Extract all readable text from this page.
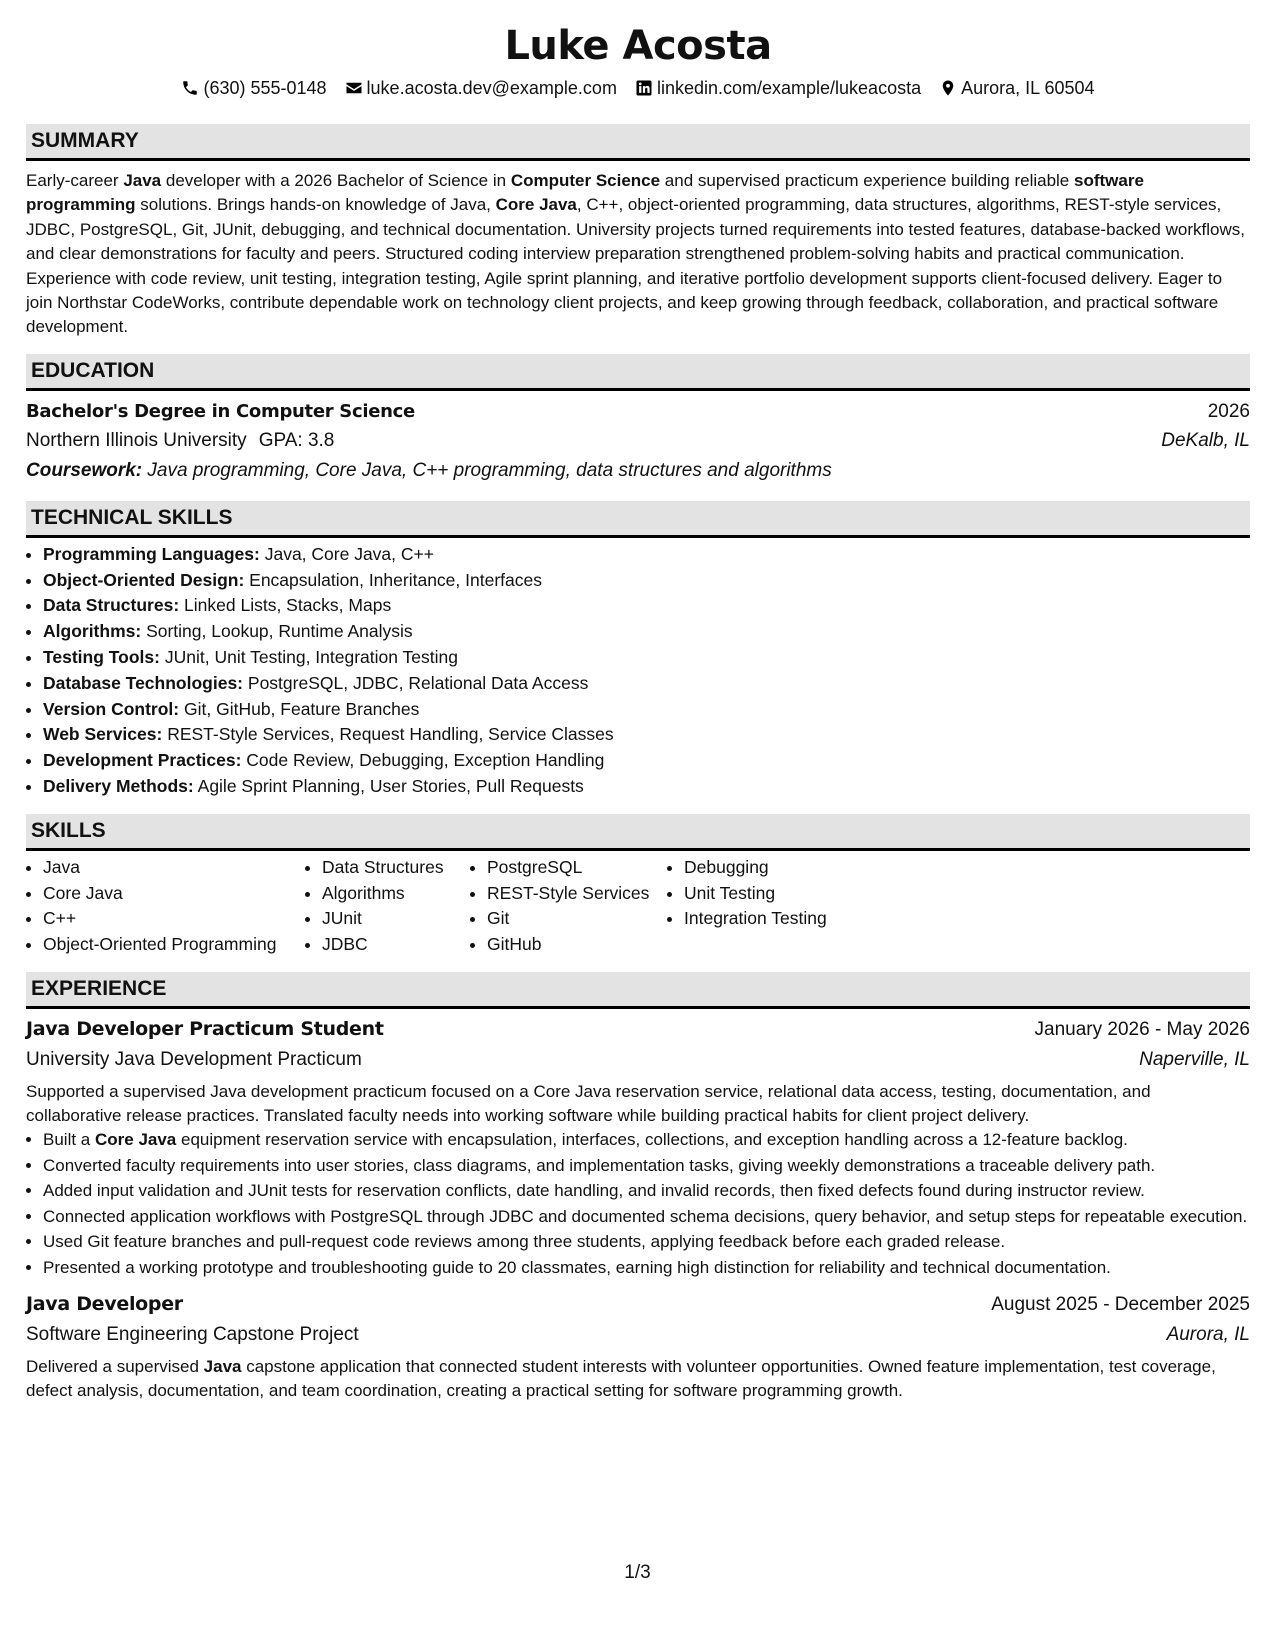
Luke Acosta
(630) 555-0148 luke.acosta.dev@example.com linkedin.com/example/lukeacosta Aurora, IL 60504
SUMMARY

Early-career Java developer with a 2026 Bachelor of Science in Computer Science and supervised practicum experience building reliable software programming solutions. Brings hands-on knowledge of Java, Core Java, C++, object-oriented programming, data structures, algorithms, REST-style services, JDBC, PostgreSQL, Git, JUnit, debugging, and technical documentation. University projects turned requirements into tested features, database-backed workflows, and clear demonstrations for faculty and peers. Structured coding interview preparation strengthened problem-solving habits and practical communication. Experience with code review, unit testing, integration testing, Agile sprint planning, and iterative portfolio development supports client-focused delivery. Eager to join Northstar CodeWorks, contribute dependable work on technology client projects, and keep growing through feedback, collaboration, and practical software development.

EDUCATION
Bachelor's Degree in Computer Science	2026
Northern Illinois University GPA: 3.8	DeKalb, IL
Coursework: Java programming, Core Java, C++ programming, data structures and algorithms
TECHNICAL SKILLS
• Programming Languages: Java, Core Java, C++
• Object-Oriented Design: Encapsulation, Inheritance, Interfaces
• Data Structures: Linked Lists, Stacks, Maps
• Algorithms: Sorting, Lookup, Runtime Analysis
• Testing Tools: JUnit, Unit Testing, Integration Testing
• Database Technologies: PostgreSQL, JDBC, Relational Data Access
• Version Control: Git, GitHub, Feature Branches
• Web Services: REST-Style Services, Request Handling, Service Classes
• Development Practices: Code Review, Debugging, Exception Handling
• Delivery Methods: Agile Sprint Planning, User Stories, Pull Requests
SKILLS
• Java
• Core Java
• C++
• Object-Oriented Programming
• Data Structures
• Algorithms
• JUnit
• JDBC
• PostgreSQL
• REST-Style Services
• Git
• GitHub
• Debugging
• Unit Testing
• Integration Testing
EXPERIENCE
Java Developer Practicum Student	January 2026 - May 2026
University Java Development Practicum	Naperville, IL
Supported a supervised Java development practicum focused on a Core Java reservation service, relational data access, testing, documentation, and collaborative release practices. Translated faculty needs into working software while building practical habits for client project delivery.
• Built a Core Java equipment reservation service with encapsulation, interfaces, collections, and exception handling across a 12-feature backlog.
• Converted faculty requirements into user stories, class diagrams, and implementation tasks, giving weekly demonstrations a traceable delivery path.
• Added input validation and JUnit tests for reservation conflicts, date handling, and invalid records, then fixed defects found during instructor review.
• Connected application workflows with PostgreSQL through JDBC and documented schema decisions, query behavior, and setup steps for repeatable execution.
• Used Git feature branches and pull-request code reviews among three students, applying feedback before each graded release.
• Presented a working prototype and troubleshooting guide to 20 classmates, earning high distinction for reliability and technical documentation.
Java Developer	August 2025 - December 2025
Software Engineering Capstone Project	Aurora, IL
Delivered a supervised Java capstone application that connected student interests with volunteer opportunities. Owned feature implementation, test coverage, defect analysis, documentation, and team coordination, creating a practical setting for software programming growth.
1/3
